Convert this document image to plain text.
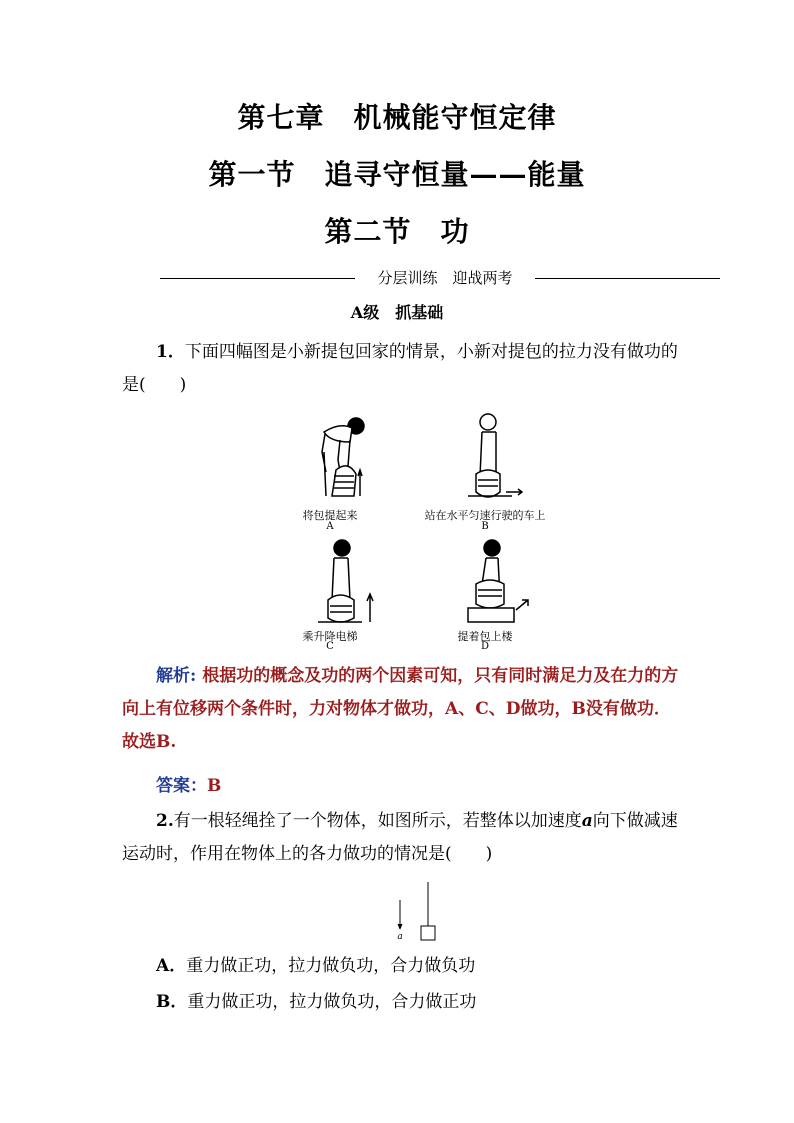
第七章　机械能守恒定律
第一节　追寻守恒量——能量
第二节　功
分层训练　迎战两考
A级　抓基础
1．下面四幅图是小新提包回家的情景，小新对提包的拉力没有做功的是(　　)
将包提起来
A
站在水平匀速行驶的车上
B
乘升降电梯
C
提着包上楼
D
解析: 根据功的概念及功的两个因素可知，只有同时满足力及在力的方向上有位移两个条件时，力对物体才做功，A、C、D做功，B没有做功．故选B.
答案：B
2.有一根轻绳拴了一个物体，如图所示，若整体以加速度a向下做减速运动时，作用在物体上的各力做功的情况是(　　)
a
A．重力做正功，拉力做负功，合力做负功
B．重力做正功，拉力做负功，合力做正功
